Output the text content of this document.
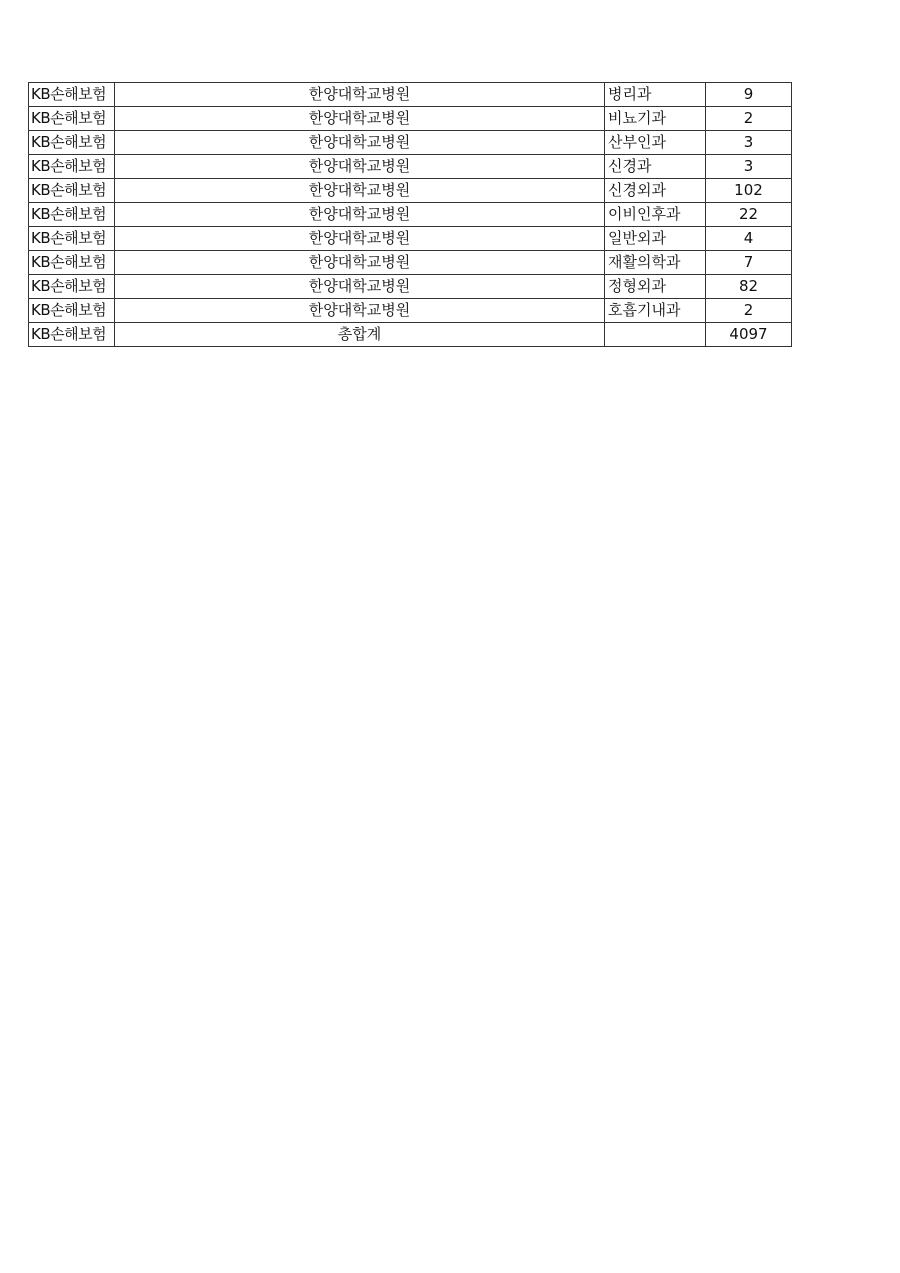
KB손해보험	한양대학교병원	병리과	9
KB손해보험	한양대학교병원	비뇨기과	2
KB손해보험	한양대학교병원	산부인과	3
KB손해보험	한양대학교병원	신경과	3
KB손해보험	한양대학교병원	신경외과	102
KB손해보험	한양대학교병원	이비인후과	22
KB손해보험	한양대학교병원	일반외과	4
KB손해보험	한양대학교병원	재활의학과	7
KB손해보험	한양대학교병원	정형외과	82
KB손해보험	한양대학교병원	호흡기내과	2
KB손해보험	총합계		4097
